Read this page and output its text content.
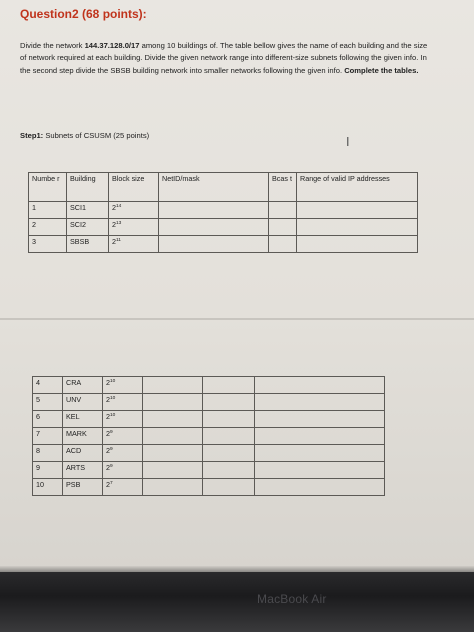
Question2 (68 points):
Divide the network 144.37.128.0/17 among 10 buildings of. The table bellow gives the name of each building and the size of network required at each building. Divide the given network range into different-size subnets following the given info. In the second step divide the SBSB building network into smaller networks following the given info. Complete the tables.
Step1: Subnets of CSUSM (25 points)	I
Numbe r	Building	Block size	NetID/mask	Bcas t	Range of valid IP addresses
1	SCI1	$2^{14}$			
2	SCI2	$2^{13}$			
3	SBSB	$2^{11}$			
4	CRA	$2^{10}$			
5	UNV	$2^{10}$			
6	KEL	$2^{10}$			
7	MARK	$2^9$			
8	ACD	$2^9$			
9	ARTS	$2^9$			
10	PSB	$2^7$			
MacBook Air
